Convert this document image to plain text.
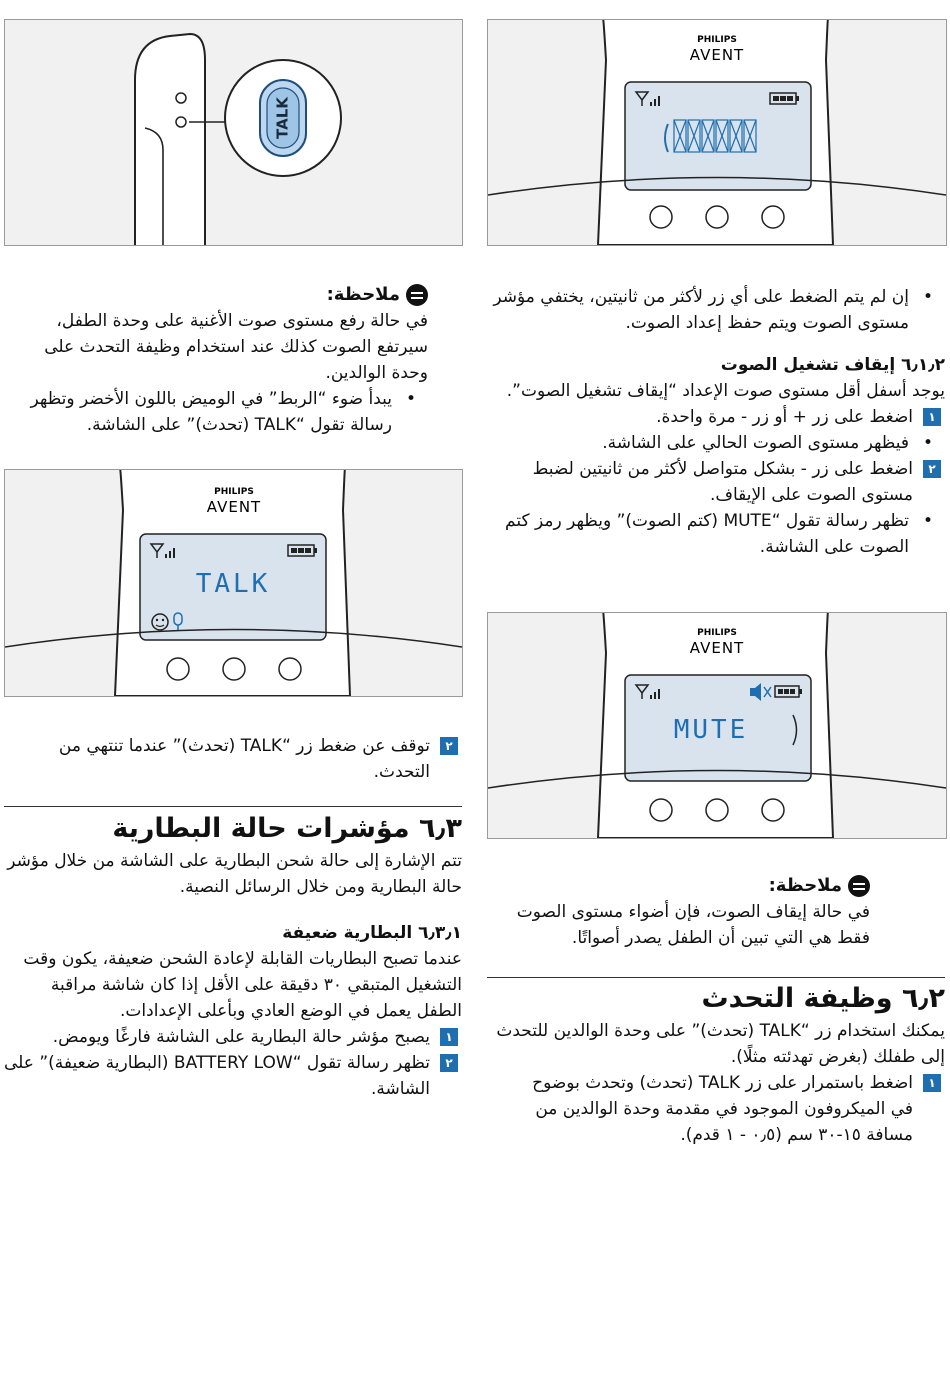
TALK
PHILIPS
AVENT
ملاحظة:

في حالة رفع مستوى صوت الأغنية على وحدة الطفل، سيرتفع الصوت كذلك عند استخدام وظيفة التحدث على وحدة الوالدين.

• يبدأ ضوء “الربط” في الوميض باللون الأخضر وتظهر رسالة تقول “TALK (تحدث)” على الشاشة.

PHILIPS
AVENT
TALK

٢
توقف عن ضغط زر “TALK (تحدث)” عندما تنتهي من التحدث.

٦٫٣ مؤشرات حالة البطارية

تتم الإشارة إلى حالة شحن البطارية على الشاشة من خلال مؤشر حالة البطارية ومن خلال الرسائل النصية.

٦٫٣٫١ البطارية ضعيفة

عندما تصبح البطاريات القابلة لإعادة الشحن ضعيفة، يكون وقت التشغيل المتبقي ٣٠ دقيقة على الأقل إذا كان شاشة مراقبة الطفل يعمل في الوضع العادي وبأعلى الإعدادات.

١
يصبح مؤشر حالة البطارية على الشاشة فارغًا ويومض.

٢
تظهر رسالة تقول “BATTERY LOW (البطارية ضعيفة)” على الشاشة.

• إن لم يتم الضغط على أي زر لأكثر من ثانيتين، يختفي مؤشر مستوى الصوت ويتم حفظ إعداد الصوت.

٦٫١٫٢ إيقاف تشغيل الصوت

يوجد أسفل أقل مستوى صوت الإعداد “إيقاف تشغيل الصوت”.

١
اضغط على زر + أو زر - مرة واحدة.

• فيظهر مستوى الصوت الحالي على الشاشة.

٢
اضغط على زر - بشكل متواصل لأكثر من ثانيتين لضبط مستوى الصوت على الإيقاف.

• تظهر رسالة تقول “MUTE (كتم الصوت)” ويظهر رمز كتم الصوت على الشاشة.

PHILIPS
AVENT
MUTE
ملاحظة:

في حالة إيقاف الصوت، فإن أضواء مستوى الصوت فقط هي التي تبين أن الطفل يصدر أصواتًا.

٦٫٢ وظيفة التحدث

يمكنك استخدام زر “TALK (تحدث)” على وحدة الوالدين للتحدث إلى طفلك (بغرض تهدئته مثلًا).

١
اضغط باستمرار على زر TALK (تحدث) وتحدث بوضوح في الميكروفون الموجود في مقدمة وحدة الوالدين من مسافة ١٥-٣٠ سم (٠٫٥ - ١ قدم).
